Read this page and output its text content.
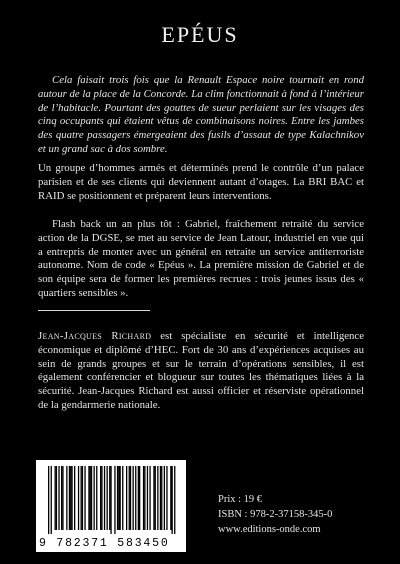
EPÉUS

Cela faisait trois fois que la Renault Espace noire tournait en rond autour de la place de la Concorde. La clim fonctionnait à fond à l’intérieur de l’habitacle. Pourtant des gouttes de sueur perlaient sur les visages des cinq occupants qui étaient vêtus de combinaisons noires. Entre les jambes des quatre passagers émergeaient des fusils d’assaut de type Kalachnikov et un grand sac à dos sombre.

Un groupe d’hommes armés et déterminés prend le contrôle d’un palace parisien et de ses clients qui deviennent autant d’otages. La BRI BAC et RAID se positionnent et préparent leurs interventions.

Flash back un an plus tôt : Gabriel, fraîchement retraité du service action de la DGSE, se met au service de Jean Latour, industriel en vue qui a entrepris de monter avec un général en retraite un service antiterroriste autonome. Nom de code « Epéus ». La première mission de Gabriel et de son équipe sera de former les premières recrues : trois jeunes issus des « quartiers sensibles ».

Jean-Jacques Richard est spécialiste en sécurité et intelligence économique et diplômé d’HEC. Fort de 30 ans d’expériences acquises au sein de grands groupes et sur le terrain d’opérations sensibles, il est également conférencier et blogueur sur toutes les thématiques liées à la sécurité. Jean-Jacques Richard est aussi officier et réserviste opérationnel de la gendarmerie nationale.

9 782371 583450
Prix : 19 €
ISBN : 978-2-37158-345-0
www.editions-onde.com
